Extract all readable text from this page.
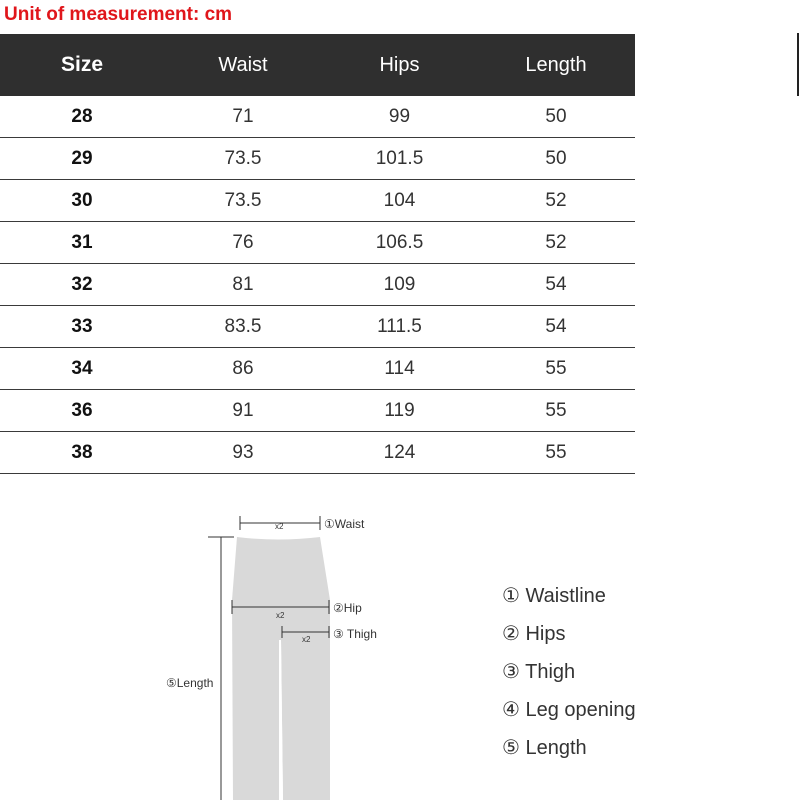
Unit of measurement: cm
Size	Waist	Hips	Length
28	71	99	50
29	73.5	101.5	50
30	73.5	104	52
31	76	106.5	52
32	81	109	54
33	83.5	111.5	54
34	86	114	55
36	91	119	55
38	93	124	55
x2	①Waist
x2
②Hip
x2 ③ Thigh
⑤Length
① Waistline
② Hips
③ Thigh
④ Leg opening
⑤ Length
